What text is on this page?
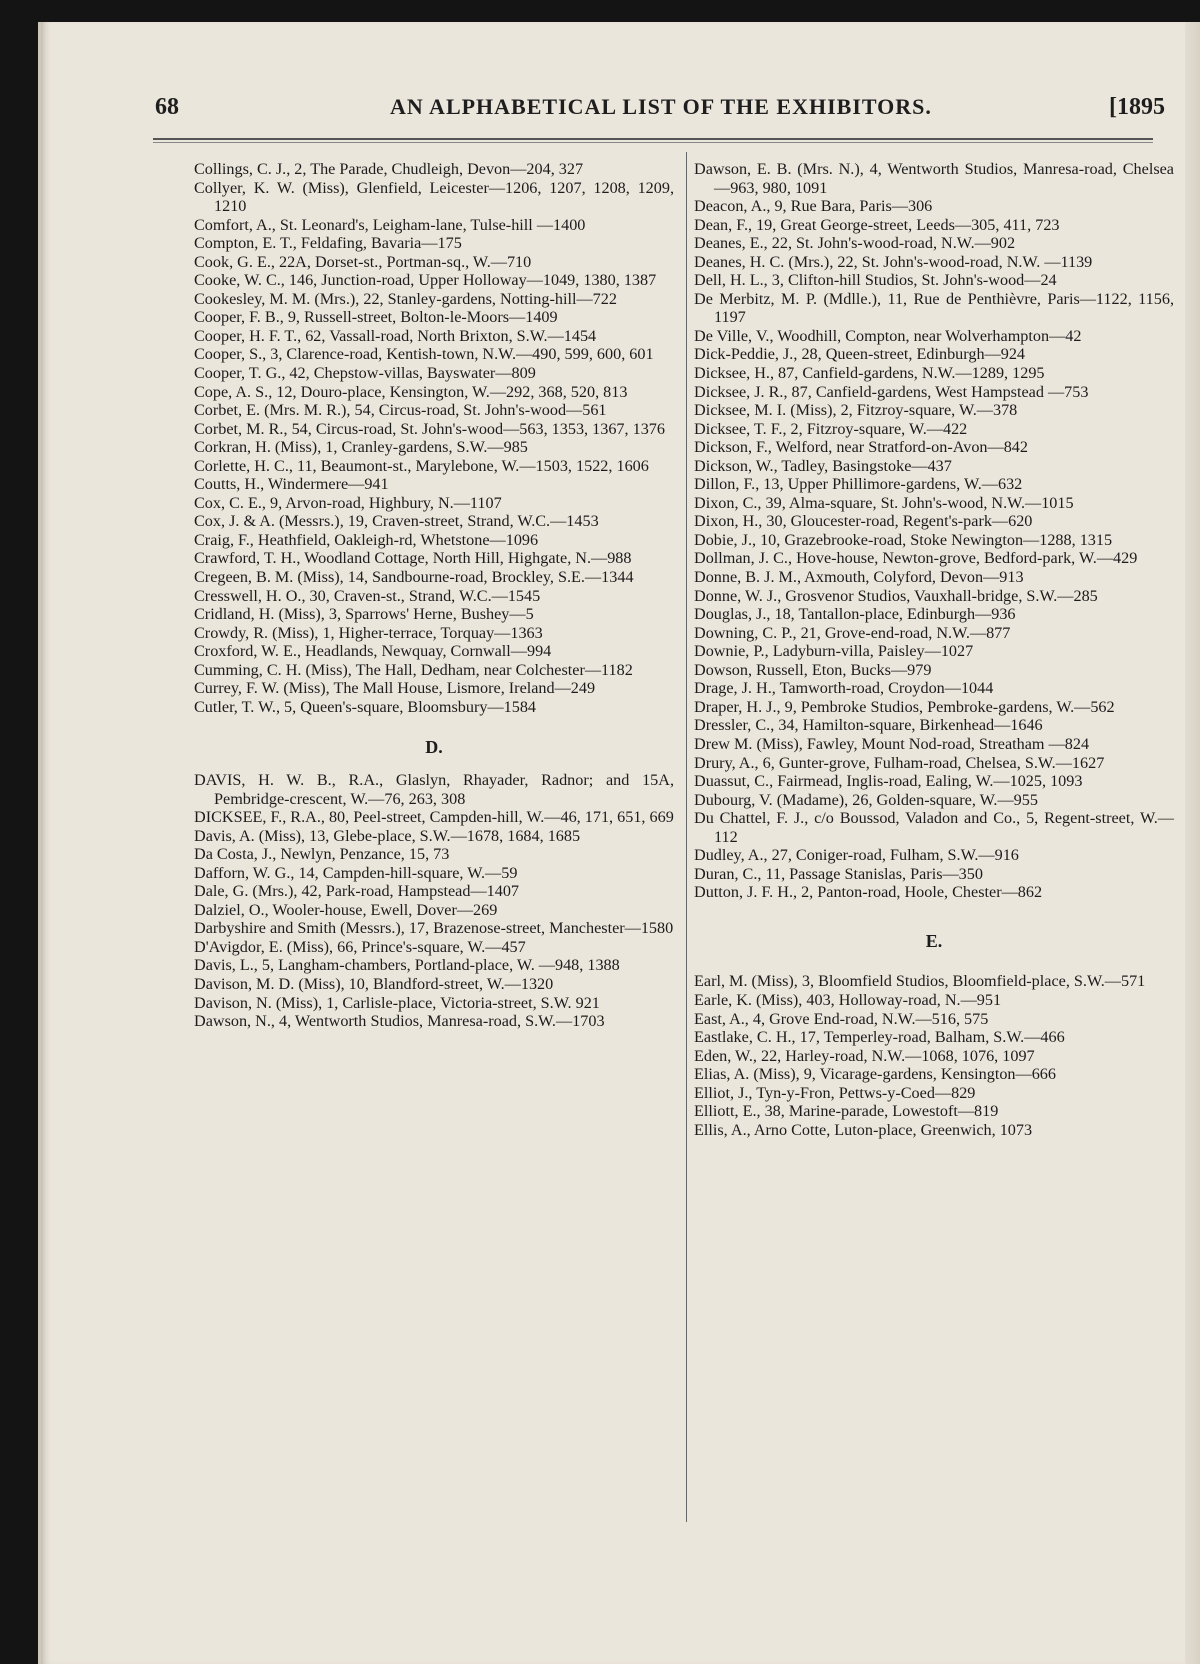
68	AN ALPHABETICAL LIST OF THE EXHIBITORS.	[1895
Collings, C. J., 2, The Parade, Chudleigh, Devon—204, 327
Collyer, K. W. (Miss), Glenfield, Leicester—1206, 1207, 1208, 1209, 1210
Comfort, A., St. Leonard's, Leigham-lane, Tulse-hill —1400
Compton, E. T., Feldafing, Bavaria—175
Cook, G. E., 22A, Dorset-st., Portman-sq., W.—710
Cooke, W. C., 146, Junction-road, Upper Holloway—1049, 1380, 1387
Cookesley, M. M. (Mrs.), 22, Stanley-gardens, Notting-hill—722
Cooper, F. B., 9, Russell-street, Bolton-le-Moors—1409
Cooper, H. F. T., 62, Vassall-road, North Brixton, S.W.—1454
Cooper, S., 3, Clarence-road, Kentish-town, N.W.—490, 599, 600, 601
Cooper, T. G., 42, Chepstow-villas, Bayswater—809
Cope, A. S., 12, Douro-place, Kensington, W.—292, 368, 520, 813
Corbet, E. (Mrs. M. R.), 54, Circus-road, St. John's-wood—561
Corbet, M. R., 54, Circus-road, St. John's-wood—563, 1353, 1367, 1376
Corkran, H. (Miss), 1, Cranley-gardens, S.W.—985
Corlette, H. C., 11, Beaumont-st., Marylebone, W.—1503, 1522, 1606
Coutts, H., Windermere—941
Cox, C. E., 9, Arvon-road, Highbury, N.—1107
Cox, J. & A. (Messrs.), 19, Craven-street, Strand, W.C.—1453
Craig, F., Heathfield, Oakleigh-rd, Whetstone—1096
Crawford, T. H., Woodland Cottage, North Hill, Highgate, N.—988
Cregeen, B. M. (Miss), 14, Sandbourne-road, Brockley, S.E.—1344
Cresswell, H. O., 30, Craven-st., Strand, W.C.—1545
Cridland, H. (Miss), 3, Sparrows' Herne, Bushey—5
Crowdy, R. (Miss), 1, Higher-terrace, Torquay—1363
Croxford, W. E., Headlands, Newquay, Cornwall—994
Cumming, C. H. (Miss), The Hall, Dedham, near Colchester—1182
Currey, F. W. (Miss), The Mall House, Lismore, Ireland—249
Cutler, T. W., 5, Queen's-square, Bloomsbury—1584
D.
DAVIS, H. W. B., R.A., Glaslyn, Rhayader, Radnor; and 15A, Pembridge-crescent, W.—76, 263, 308
DICKSEE, F., R.A., 80, Peel-street, Campden-hill, W.—46, 171, 651, 669
Davis, A. (Miss), 13, Glebe-place, S.W.—1678, 1684, 1685
Da Costa, J., Newlyn, Penzance, 15, 73
Dafforn, W. G., 14, Campden-hill-square, W.—59
Dale, G. (Mrs.), 42, Park-road, Hampstead—1407
Dalziel, O., Wooler-house, Ewell, Dover—269
Darbyshire and Smith (Messrs.), 17, Brazenose-street, Manchester—1580
D'Avigdor, E. (Miss), 66, Prince's-square, W.—457
Davis, L., 5, Langham-chambers, Portland-place, W. —948, 1388
Davison, M. D. (Miss), 10, Blandford-street, W.—1320
Davison, N. (Miss), 1, Carlisle-place, Victoria-street, S.W. 921
Dawson, N., 4, Wentworth Studios, Manresa-road, S.W.—1703
Dawson, E. B. (Mrs. N.), 4, Wentworth Studios, Manresa-road, Chelsea—963, 980, 1091
Deacon, A., 9, Rue Bara, Paris—306
Dean, F., 19, Great George-street, Leeds—305, 411, 723
Deanes, E., 22, St. John's-wood-road, N.W.—902
Deanes, H. C. (Mrs.), 22, St. John's-wood-road, N.W. —1139
Dell, H. L., 3, Clifton-hill Studios, St. John's-wood—24
De Merbitz, M. P. (Mdlle.), 11, Rue de Penthièvre, Paris—1122, 1156, 1197
De Ville, V., Woodhill, Compton, near Wolverhampton—42
Dick-Peddie, J., 28, Queen-street, Edinburgh—924
Dicksee, H., 87, Canfield-gardens, N.W.—1289, 1295
Dicksee, J. R., 87, Canfield-gardens, West Hampstead —753
Dicksee, M. I. (Miss), 2, Fitzroy-square, W.—378
Dicksee, T. F., 2, Fitzroy-square, W.—422
Dickson, F., Welford, near Stratford-on-Avon—842
Dickson, W., Tadley, Basingstoke—437
Dillon, F., 13, Upper Phillimore-gardens, W.—632
Dixon, C., 39, Alma-square, St. John's-wood, N.W.—1015
Dixon, H., 30, Gloucester-road, Regent's-park—620
Dobie, J., 10, Grazebrooke-road, Stoke Newington—1288, 1315
Dollman, J. C., Hove-house, Newton-grove, Bedford-park, W.—429
Donne, B. J. M., Axmouth, Colyford, Devon—913
Donne, W. J., Grosvenor Studios, Vauxhall-bridge, S.W.—285
Douglas, J., 18, Tantallon-place, Edinburgh—936
Downing, C. P., 21, Grove-end-road, N.W.—877
Downie, P., Ladyburn-villa, Paisley—1027
Dowson, Russell, Eton, Bucks—979
Drage, J. H., Tamworth-road, Croydon—1044
Draper, H. J., 9, Pembroke Studios, Pembroke-gardens, W.—562
Dressler, C., 34, Hamilton-square, Birkenhead—1646
Drew M. (Miss), Fawley, Mount Nod-road, Streatham —824
Drury, A., 6, Gunter-grove, Fulham-road, Chelsea, S.W.—1627
Duassut, C., Fairmead, Inglis-road, Ealing, W.—1025, 1093
Dubourg, V. (Madame), 26, Golden-square, W.—955
Du Chattel, F. J., c/o Boussod, Valadon and Co., 5, Regent-street, W.—112
Dudley, A., 27, Coniger-road, Fulham, S.W.—916
Duran, C., 11, Passage Stanislas, Paris—350
Dutton, J. F. H., 2, Panton-road, Hoole, Chester—862
E.
Earl, M. (Miss), 3, Bloomfield Studios, Bloomfield-place, S.W.—571
Earle, K. (Miss), 403, Holloway-road, N.—951
East, A., 4, Grove End-road, N.W.—516, 575
Eastlake, C. H., 17, Temperley-road, Balham, S.W.—466
Eden, W., 22, Harley-road, N.W.—1068, 1076, 1097
Elias, A. (Miss), 9, Vicarage-gardens, Kensington—666
Elliot, J., Tyn-y-Fron, Pettws-y-Coed—829
Elliott, E., 38, Marine-parade, Lowestoft—819
Ellis, A., Arno Cotte, Luton-place, Greenwich, 1073
